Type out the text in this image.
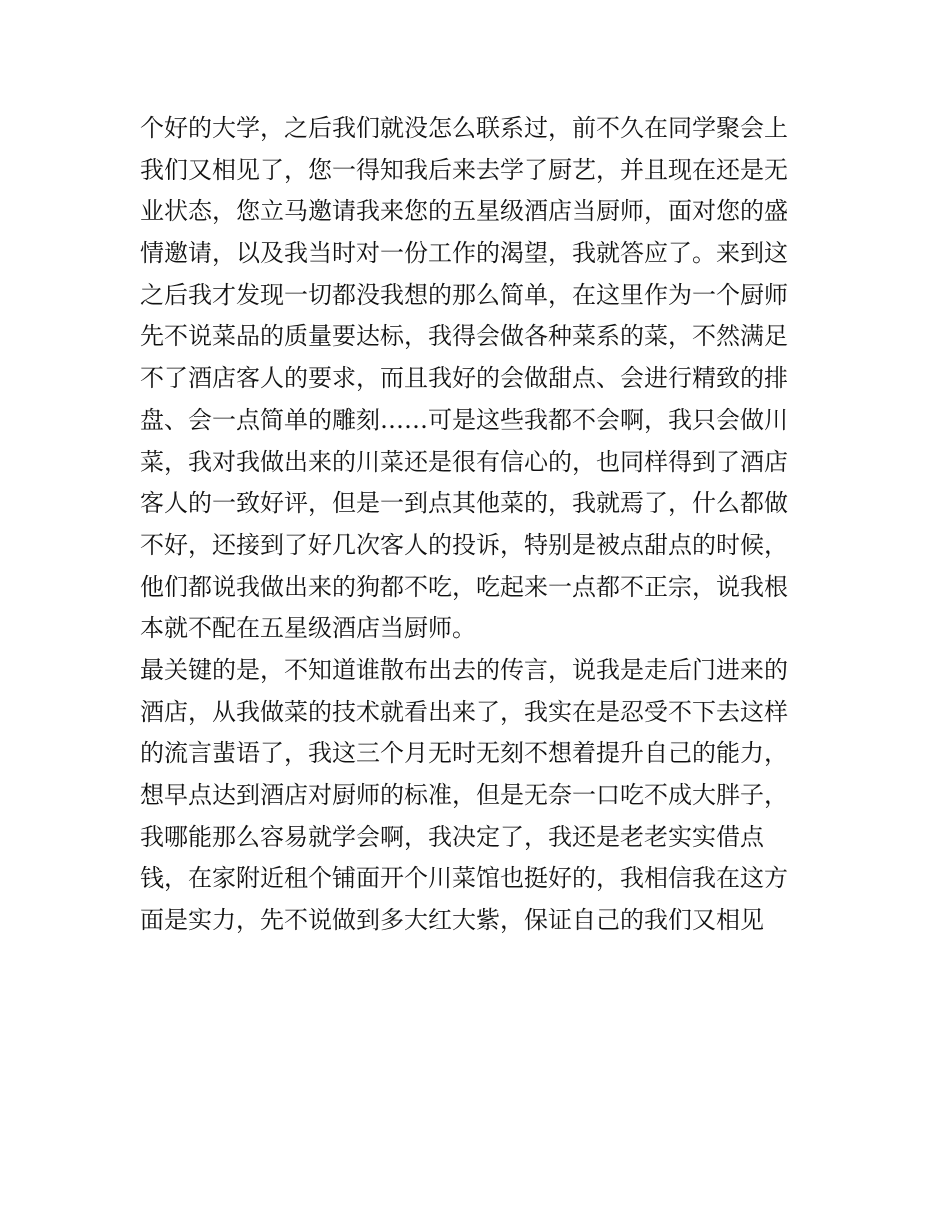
个好的大学，之后我们就没怎么联系过，前不久在同学聚会上
我们又相见了，您一得知我后来去学了厨艺，并且现在还是无
业状态，您立马邀请我来您的五星级酒店当厨师，面对您的盛
情邀请，以及我当时对一份工作的渴望，我就答应了。来到这
之后我才发现一切都没我想的那么简单，在这里作为一个厨师
先不说菜品的质量要达标，我得会做各种菜系的菜，不然满足
不了酒店客人的要求，而且我好的会做甜点、会进行精致的排
盘、会一点简单的雕刻……可是这些我都不会啊，我只会做川
菜，我对我做出来的川菜还是很有信心的，也同样得到了酒店
客人的一致好评，但是一到点其他菜的，我就焉了，什么都做
不好，还接到了好几次客人的投诉，特别是被点甜点的时候，
他们都说我做出来的狗都不吃，吃起来一点都不正宗，说我根
本就不配在五星级酒店当厨师。
最关键的是，不知道谁散布出去的传言，说我是走后门进来的
酒店，从我做菜的技术就看出来了，我实在是忍受不下去这样
的流言蜚语了，我这三个月无时无刻不想着提升自己的能力，
想早点达到酒店对厨师的标准，但是无奈一口吃不成大胖子，
我哪能那么容易就学会啊，我决定了，我还是老老实实借点
钱，在家附近租个铺面开个川菜馆也挺好的，我相信我在这方
面是实力，先不说做到多大红大紫，保证自己的我们又相见
